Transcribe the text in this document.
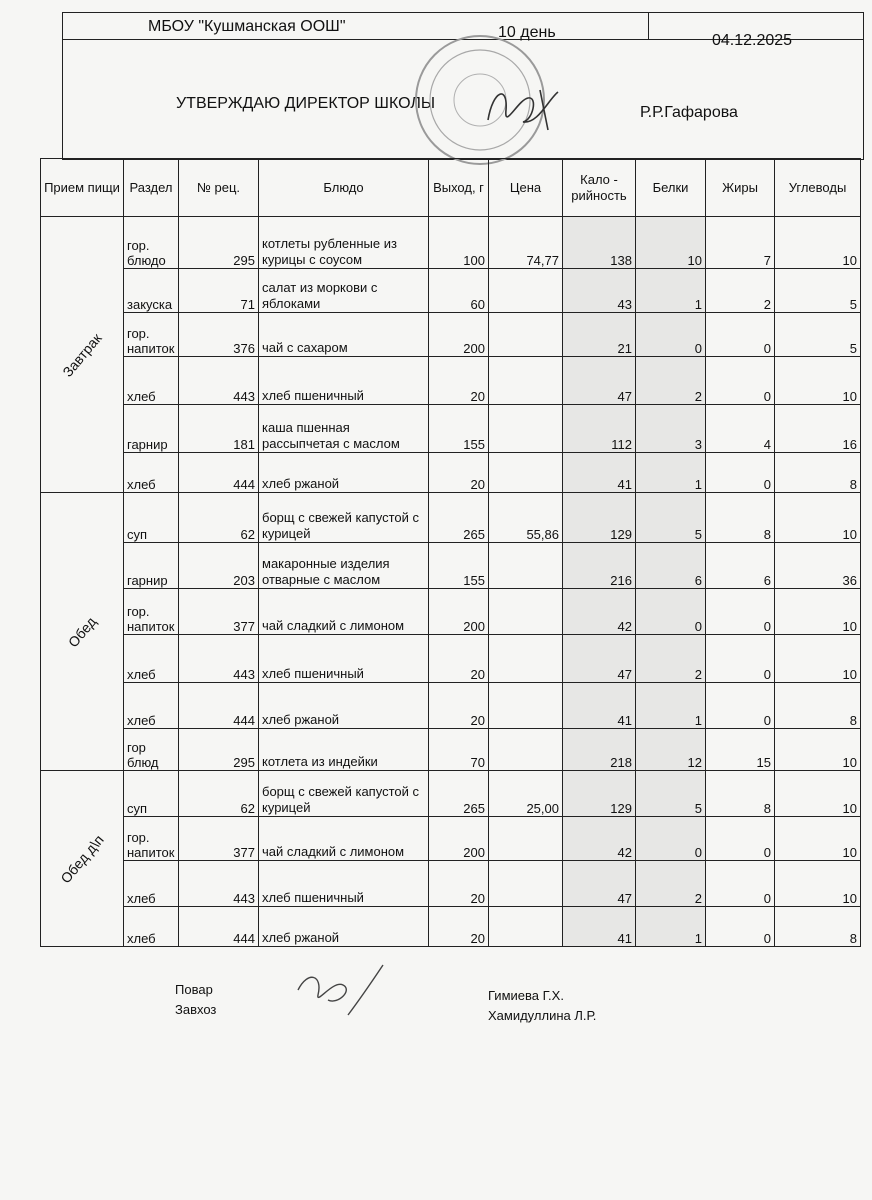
МБОУ "Кушманская ООШ"	10 день	04.12.2025
УТВЕРЖДАЮ ДИРЕКТОР ШКОЛЫ
Р.Р.Гафарова
Прием пищи	Раздел	№ рец.	Блюдо	Выход, г	Цена	Кало - рийность	Белки	Жиры	Углеводы

Завтрак	гор. блюдо	295	котлеты рубленные из курицы с соусом	100	74,77	138	10	7	10
	закуска	71	салат из моркови с яблоками	60		43	1	2	5
	гор. напиток	376	чай с сахаром	200		21	0	0	5
	хлеб	443	хлеб пшеничный	20		47	2	0	10
	гарнир	181	каша пшенная рассыпчетая с маслом	155		112	3	4	16
	хлеб	444	хлеб ржаной	20		41	1	0	8

Обед	суп	62	борщ с свежей капустой с курицей	265	55,86	129	5	8	10
	гарнир	203	макаронные изделия отварные с маслом	155		216	6	6	36
	гор. напиток	377	чай сладкий с лимоном	200		42	0	0	10
	хлеб	443	хлеб пшеничный	20		47	2	0	10
	хлеб	444	хлеб ржаной	20		41	1	0	8
	гор блюд	295	котлета из индейки	70		218	12	15	10

Обед д\п	суп	62	борщ с свежей капустой с курицей	265	25,00	129	5	8	10
	гор. напиток	377	чай сладкий с лимоном	200		42	0	0	10
	хлеб	443	хлеб пшеничный	20		47	2	0	10
	хлеб	444	хлеб ржаной	20		41	1	0	8
Повар
Завхоз
Гимиева Г.Х.
Хамидуллина Л.Р.
